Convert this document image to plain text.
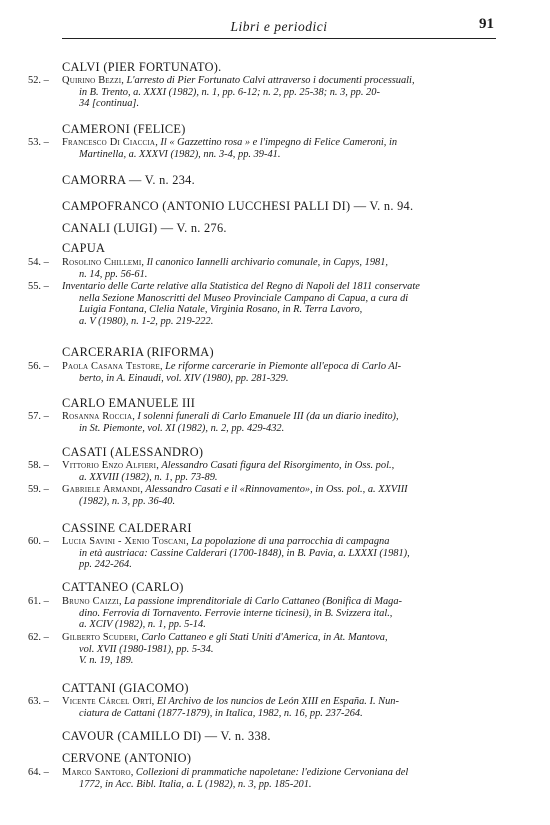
Libri e periodici	91
CALVI (PIER FORTUNATO).
52. –	Quirino Bezzi, L'arresto di Pier Fortunato Calvi attraverso i documenti processuali,
in B. Trento, a. XXXI (1982), n. 1, pp. 6-12; n. 2, pp. 25-38; n. 3, pp. 20-
34 [continua].
CAMERONI (FELICE)
53. –	Francesco Di Ciaccia, Il « Gazzettino rosa » e l'impegno di Felice Cameroni, in
Martinella, a. XXXVI (1982), nn. 3-4, pp. 39-41.
CAMORRA — V. n. 234.
CAMPOFRANCO (ANTONIO LUCCHESI PALLI DI) — V. n. 94.
CANALI (LUIGI) — V. n. 276.
CAPUA
54. –	Rosolino Chillemi, Il canonico Iannelli archivario comunale, in Capys, 1981,
n. 14, pp. 56-61.
55. –	Inventario delle Carte relative alla Statistica del Regno di Napoli del 1811 conservate
nella Sezione Manoscritti del Museo Provinciale Campano di Capua, a cura di
Luigia Fontana, Clelia Natale, Virginia Rosano, in R. Terra Lavoro,
a. V (1980), n. 1-2, pp. 219-222.
CARCERARIA (RIFORMA)
56. –	Paola Casana Testore, Le riforme carcerarie in Piemonte all'epoca di Carlo Al-
berto, in A. Einaudi, vol. XIV (1980), pp. 281-329.
CARLO EMANUELE III
57. –	Rosanna Roccia, I solenni funerali di Carlo Emanuele III (da un diario inedito),
in St. Piemonte, vol. XI (1982), n. 2, pp. 429-432.
CASATI (ALESSANDRO)
58. –	Vittorio Enzo Alfieri, Alessandro Casati figura del Risorgimento, in Oss. pol.,
a. XXVIII (1982), n. 1, pp. 73-89.
59. –	Gabriele Armandi, Alessandro Casati e il «Rinnovamento», in Oss. pol., a. XXVIII
(1982), n. 3, pp. 36-40.
CASSINE CALDERARI
60. –	Lucia Savini - Xenio Toscani, La popolazione di una parrocchia di campagna
in età austriaca: Cassine Calderari (1700-1848), in B. Pavia, a. LXXXI (1981),
pp. 242-264.
CATTANEO (CARLO)
61. –	Bruno Caizzi, La passione imprenditoriale di Carlo Cattaneo (Bonifica di Maga-
dino. Ferrovia di Tornavento. Ferrovie interne ticinesi), in B. Svizzera ital.,
a. XCIV (1982), n. 1, pp. 5-14.
62. –	Gilberto Scuderi, Carlo Cattaneo e gli Stati Uniti d'America, in At. Mantova,
vol. XVII (1980-1981), pp. 5-34.
V. n. 19, 189.
CATTANI (GIACOMO)
63. –	Vicente Cárcel Ortí, El Archivo de los nuncios de León XIII en España. I. Nun-
ciatura de Cattani (1877-1879), in Italica, 1982, n. 16, pp. 237-264.
CAVOUR (CAMILLO DI) — V. n. 338.
CERVONE (ANTONIO)
64. –	Marco Santoro, Collezioni di prammatiche napoletane: l'edizione Cervoniana del
1772, in Acc. Bibl. Italia, a. L (1982), n. 3, pp. 185-201.
